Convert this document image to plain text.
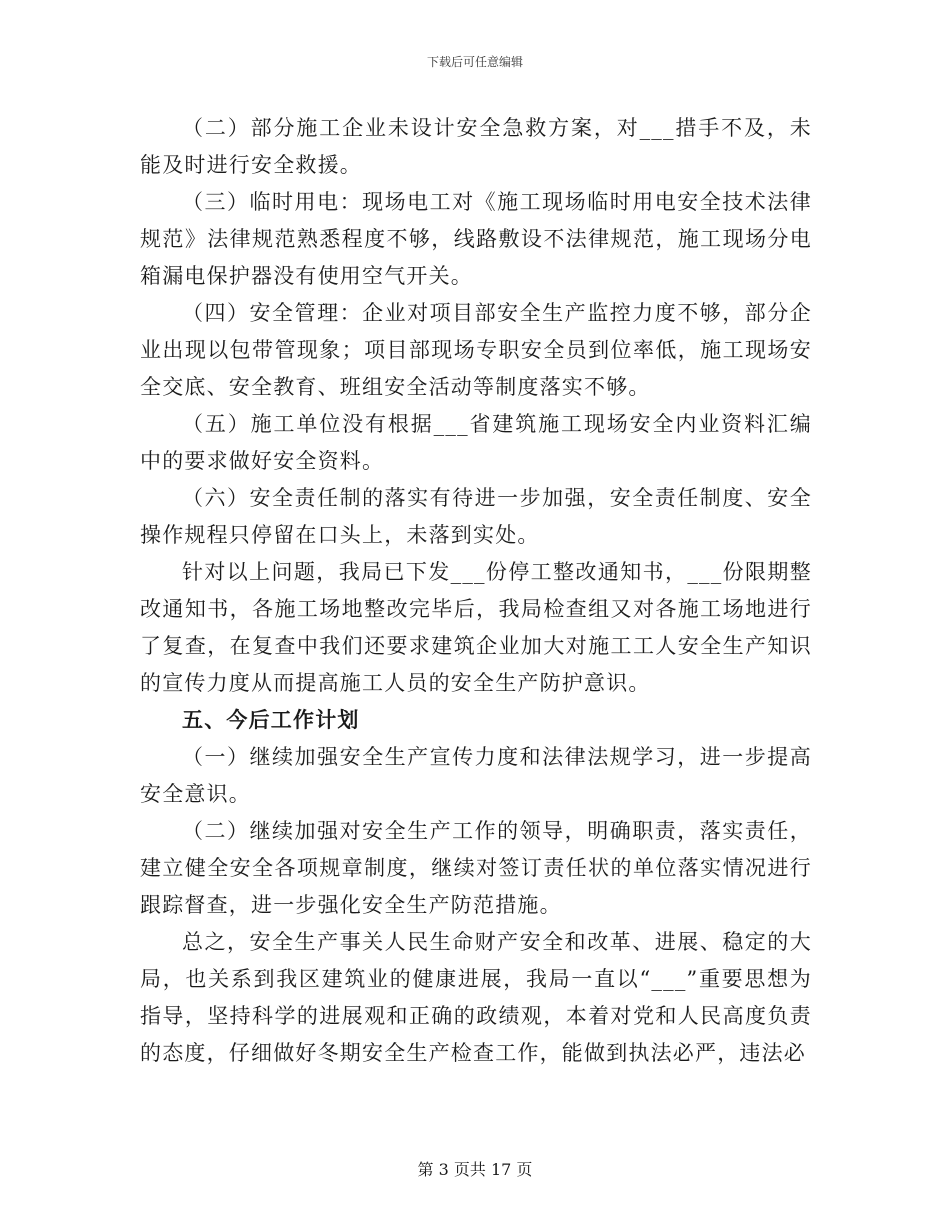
下载后可任意编辑

（二）部分施工企业未设计安全急救方案，对___措手不及，未能及时进行安全救援。

（三）临时用电：现场电工对《施工现场临时用电安全技术法律规范》法律规范熟悉程度不够，线路敷设不法律规范，施工现场分电箱漏电保护器没有使用空气开关。

（四）安全管理：企业对项目部安全生产监控力度不够，部分企业出现以包带管现象；项目部现场专职安全员到位率低，施工现场安全交底、安全教育、班组安全活动等制度落实不够。

（五）施工单位没有根据___省建筑施工现场安全内业资料汇编中的要求做好安全资料。

（六）安全责任制的落实有待进一步加强，安全责任制度、安全操作规程只停留在口头上，未落到实处。

针对以上问题，我局已下发___份停工整改通知书，___份限期整改通知书，各施工场地整改完毕后，我局检查组又对各施工场地进行了复查，在复查中我们还要求建筑企业加大对施工工人安全生产知识的宣传力度从而提高施工人员的安全生产防护意识。

五、今后工作计划

（一）继续加强安全生产宣传力度和法律法规学习，进一步提高安全意识。

（二）继续加强对安全生产工作的领导，明确职责，落实责任，建立健全安全各项规章制度，继续对签订责任状的单位落实情况进行跟踪督查，进一步强化安全生产防范措施。

总之，安全生产事关人民生命财产安全和改革、进展、稳定的大局，也关系到我区建筑业的健康进展，我局一直以“___”重要思想为指导，坚持科学的进展观和正确的政绩观，本着对党和人民高度负责的态度，仔细做好冬期安全生产检查工作，能做到执法必严，违法必

第 3 页共 17 页
